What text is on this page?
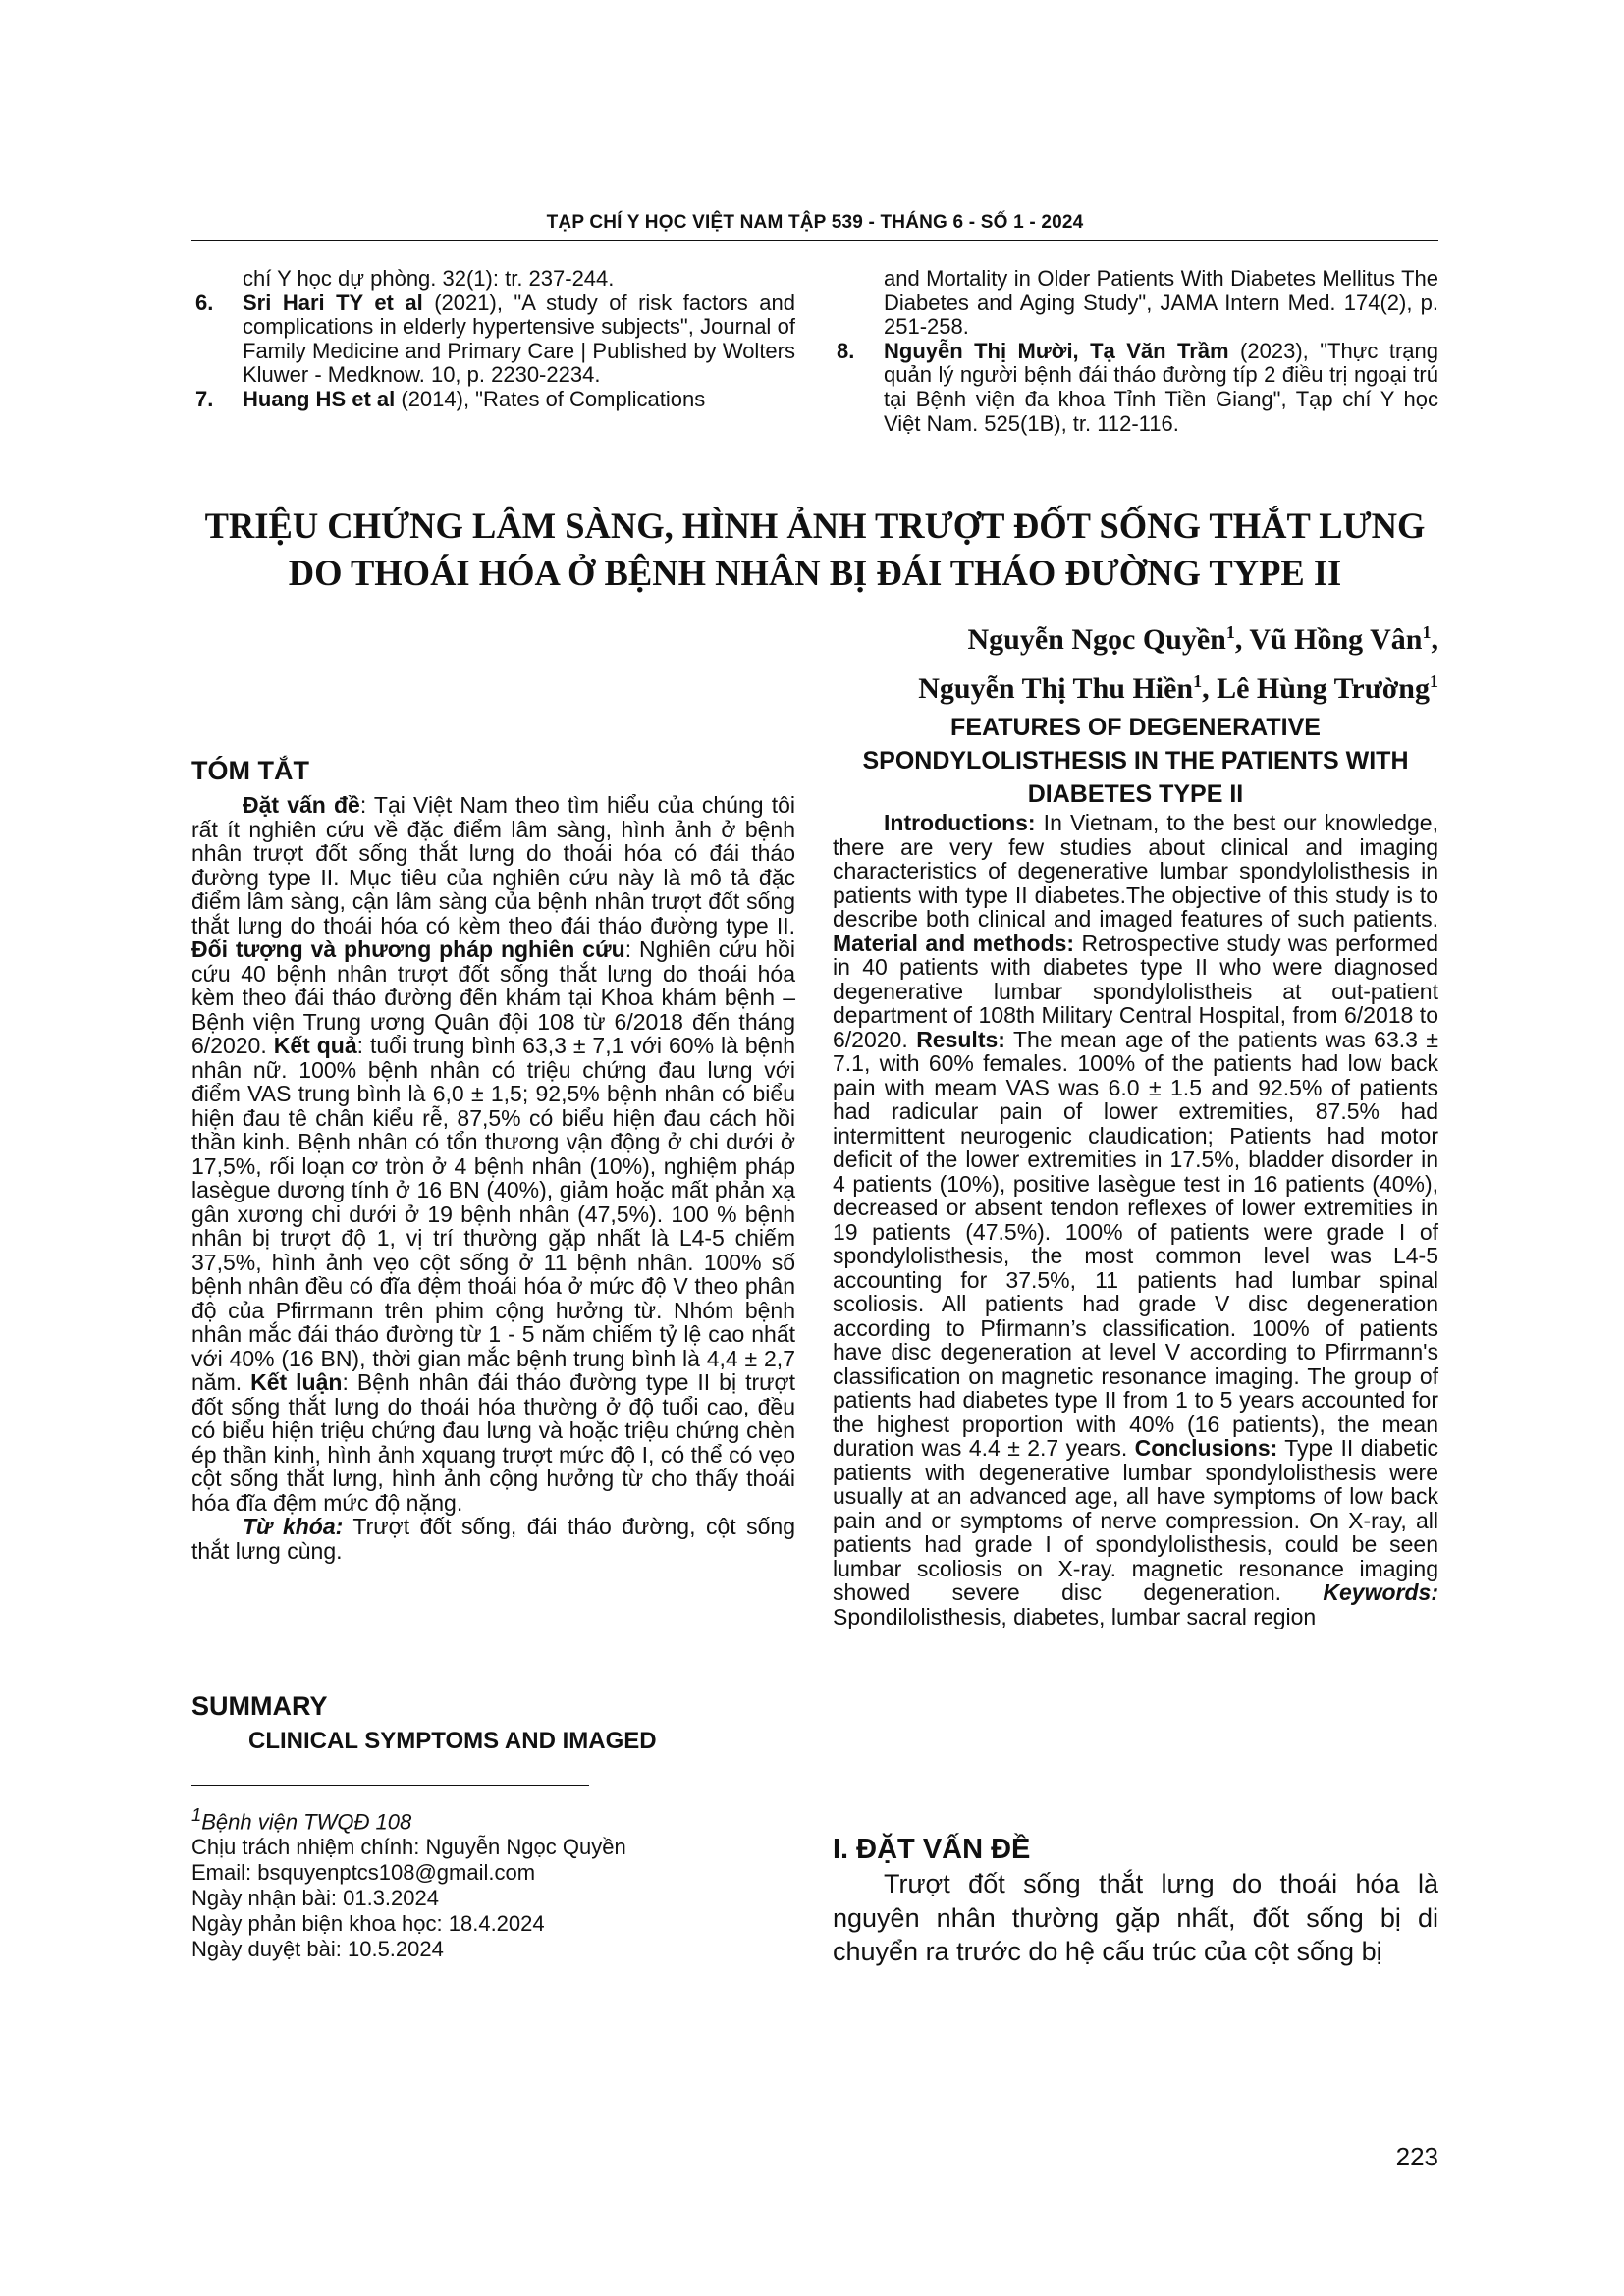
TẠP CHÍ Y HỌC VIỆT NAM TẬP 539 - THÁNG 6 - SỐ 1 - 2024
chí Y học dự phòng. 32(1): tr. 237-244.
6. Sri Hari TY et al (2021), "A study of risk factors and complications in elderly hypertensive subjects", Journal of Family Medicine and Primary Care | Published by Wolters Kluwer - Medknow. 10, p. 2230-2234.
7. Huang HS et al (2014), "Rates of Complications
and Mortality in Older Patients With Diabetes Mellitus The Diabetes and Aging Study", JAMA Intern Med. 174(2), p. 251-258.
8. Nguyễn Thị Mười, Tạ Văn Trầm (2023), "Thực trạng quản lý người bệnh đái tháo đường típ 2 điều trị ngoại trú tại Bệnh viện đa khoa Tỉnh Tiền Giang", Tạp chí Y học Việt Nam. 525(1B), tr. 112-116.
TRIỆU CHỨNG LÂM SÀNG, HÌNH ẢNH TRƯỢT ĐỐT SỐNG THẮT LƯNG
DO THOÁI HÓA Ở BỆNH NHÂN BỊ ĐÁI THÁO ĐƯỜNG TYPE II
Nguyễn Ngọc Quyền$^1$, Vũ Hồng Vân$^1$,
Nguyễn Thị Thu Hiền$^1$, Lê Hùng Trường$^1$
TÓM TẮT

Đặt vấn đề: Tại Việt Nam theo tìm hiểu của chúng tôi rất ít nghiên cứu về đặc điểm lâm sàng, hình ảnh ở bệnh nhân trượt đốt sống thắt lưng do thoái hóa có đái tháo đường type II. Mục tiêu của nghiên cứu này là mô tả đặc điểm lâm sàng, cận lâm sàng của bệnh nhân trượt đốt sống thắt lưng do thoái hóa có kèm theo đái tháo đường type II. Đối tượng và phương pháp nghiên cứu: Nghiên cứu hồi cứu 40 bệnh nhân trượt đốt sống thắt lưng do thoái hóa kèm theo đái tháo đường đến khám tại Khoa khám bệnh – Bệnh viện Trung ương Quân đội 108 từ 6/2018 đến tháng 6/2020. Kết quả: tuổi trung bình 63,3 ± 7,1 với 60% là bệnh nhân nữ. 100% bệnh nhân có triệu chứng đau lưng với điểm VAS trung bình là 6,0 ± 1,5; 92,5% bệnh nhân có biểu hiện đau tê chân kiểu rễ, 87,5% có biểu hiện đau cách hồi thần kinh. Bệnh nhân có tổn thương vận động ở chi dưới ở 17,5%, rối loạn cơ tròn ở 4 bệnh nhân (10%), nghiệm pháp lasègue dương tính ở 16 BN (40%), giảm hoặc mất phản xạ gân xương chi dưới ở 19 bệnh nhân (47,5%). 100 % bệnh nhân bị trượt độ 1, vị trí thường gặp nhất là L4-5 chiếm 37,5%, hình ảnh vẹo cột sống ở 11 bệnh nhân. 100% số bệnh nhân đều có đĩa đệm thoái hóa ở mức độ V theo phân độ của Pfirrmann trên phim cộng hưởng từ. Nhóm bệnh nhân mắc đái tháo đường từ 1 - 5 năm chiếm tỷ lệ cao nhất với 40% (16 BN), thời gian mắc bệnh trung bình là 4,4 ± 2,7 năm. Kết luận: Bệnh nhân đái tháo đường type II bị trượt đốt sống thắt lưng do thoái hóa thường ở độ tuổi cao, đều có biểu hiện triệu chứng đau lưng và hoặc triệu chứng chèn ép thần kinh, hình ảnh xquang trượt mức độ I, có thể có vẹo cột sống thắt lưng, hình ảnh cộng hưởng từ cho thấy thoái hóa đĩa đệm mức độ nặng.

Từ khóa: Trượt đốt sống, đái tháo đường, cột sống thắt lưng cùng.

SUMMARY
CLINICAL SYMPTOMS AND IMAGED
$^1$Bệnh viện TWQĐ 108
Chịu trách nhiệm chính: Nguyễn Ngọc Quyền
Email: bsquyenptcs108@gmail.com
Ngày nhận bài: 01.3.2024
Ngày phản biện khoa học: 18.4.2024
Ngày duyệt bài: 10.5.2024
FEATURES OF DEGENERATIVE SPONDYLOLISTHESIS IN THE PATIENTS WITH DIABETES TYPE II

Introductions: In Vietnam, to the best our knowledge, there are very few studies about clinical and imaging characteristics of degenerative lumbar spondylolisthesis in patients with type II diabetes.The objective of this study is to describe both clinical and imaged features of such patients. Material and methods: Retrospective study was performed in 40 patients with diabetes type II who were diagnosed degenerative lumbar spondylolistheis at out-patient department of 108th Military Central Hospital, from 6/2018 to 6/2020. Results: The mean age of the patients was 63.3 ± 7.1, with 60% females. 100% of the patients had low back pain with meam VAS was 6.0 ± 1.5 and 92.5% of patients had radicular pain of lower extremities, 87.5% had intermittent neurogenic claudication; Patients had motor deficit of the lower extremities in 17.5%, bladder disorder in 4 patients (10%), positive lasègue test in 16 patients (40%), decreased or absent tendon reflexes of lower extremities in 19 patients (47.5%). 100% of patients were grade I of spondylolisthesis, the most common level was L4-5 accounting for 37.5%, 11 patients had lumbar spinal scoliosis. All patients had grade V disc degeneration according to Pfirmann’s classification. 100% of patients have disc degeneration at level V according to Pfirrmann's classification on magnetic resonance imaging. The group of patients had diabetes type II from 1 to 5 years accounted for the highest proportion with 40% (16 patients), the mean duration was 4.4 ± 2.7 years. Conclusions: Type II diabetic patients with degenerative lumbar spondylolisthesis were usually at an advanced age, all have symptoms of low back pain and or symptoms of nerve compression. On X-ray, all patients had grade I of spondylolisthesis, could be seen lumbar scoliosis on X-ray. magnetic resonance imaging showed severe disc degeneration. Keywords: Spondilolisthesis, diabetes, lumbar sacral region

I. ĐẶT VẤN ĐỀ

Trượt đốt sống thắt lưng do thoái hóa là nguyên nhân thường gặp nhất, đốt sống bị di chuyển ra trước do hệ cấu trúc của cột sống bị

223
